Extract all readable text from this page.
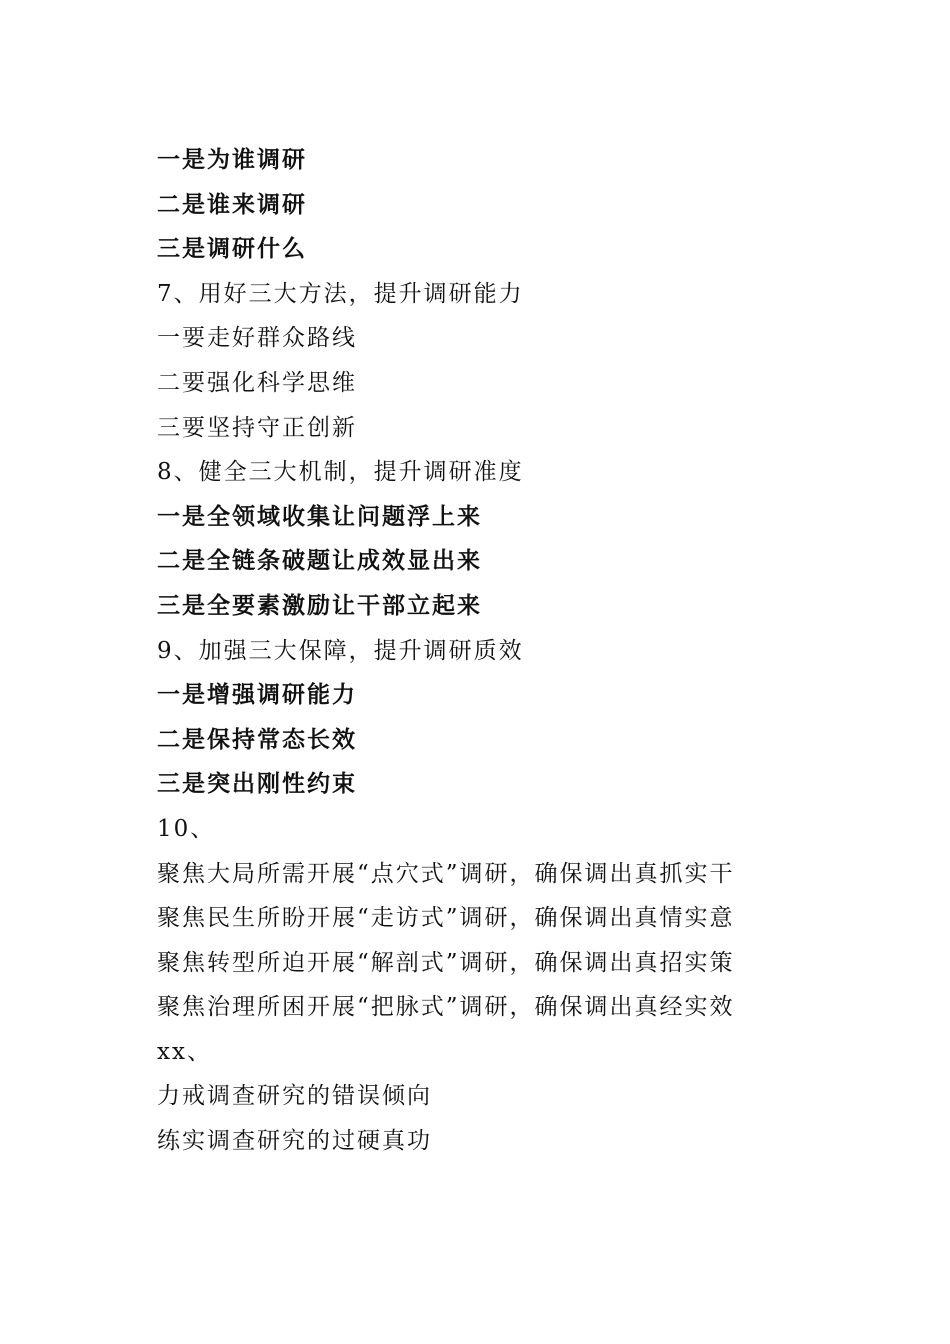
一是为谁调研
二是谁来调研
三是调研什么
7、用好三大方法，提升调研能力
一要走好群众路线
二要强化科学思维
三要坚持守正创新
8、健全三大机制，提升调研准度
一是全领域收集让问题浮上来
二是全链条破题让成效显出来
三是全要素激励让干部立起来
9、加强三大保障，提升调研质效
一是增强调研能力
二是保持常态长效
三是突出刚性约束
10、
聚焦大局所需开展“点穴式”调研，确保调出真抓实干
聚焦民生所盼开展“走访式”调研，确保调出真情实意
聚焦转型所迫开展“解剖式”调研，确保调出真招实策
聚焦治理所困开展“把脉式”调研，确保调出真经实效
xx、
力戒调查研究的错误倾向
练实调查研究的过硬真功
